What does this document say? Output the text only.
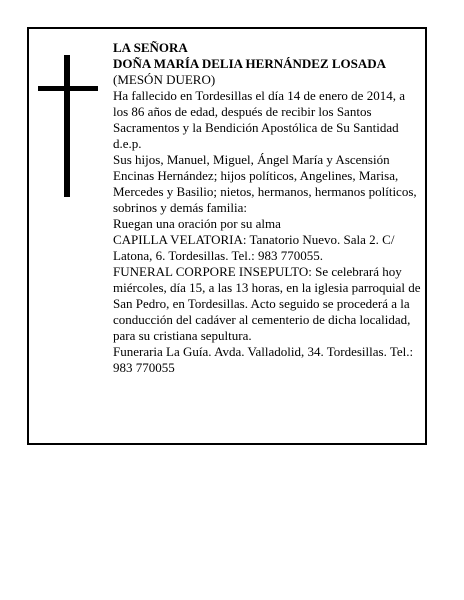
LA SEÑORA

DOÑA MARÍA DELIA HERNÁNDEZ LOSADA

(MESÓN DUERO)

Ha fallecido en Tordesillas el día 14 de enero de 2014, a los 86 años de edad, después de recibir los Santos Sacramentos y la Bendición Apostólica de Su Santidad

d.e.p.

Sus hijos, Manuel, Miguel, Ángel María y Ascensión Encinas Hernández; hijos políticos, Angelines, Marisa, Mercedes y Basilio; nietos, hermanos, hermanos políticos, sobrinos y demás familia:

Ruegan una oración por su alma

CAPILLA VELATORIA: Tanatorio Nuevo. Sala 2. C/ Latona, 6. Tordesillas. Tel.: 983 770055.

FUNERAL CORPORE INSEPULTO: Se celebrará hoy miércoles, día 15, a las 13 horas, en la iglesia parroquial de San Pedro, en Tordesillas. Acto seguido se procederá a la conducción del cadáver al cementerio de dicha localidad, para su cristiana sepultura.

Funeraria La Guía. Avda. Valladolid, 34. Tordesillas. Tel.: 983 770055
